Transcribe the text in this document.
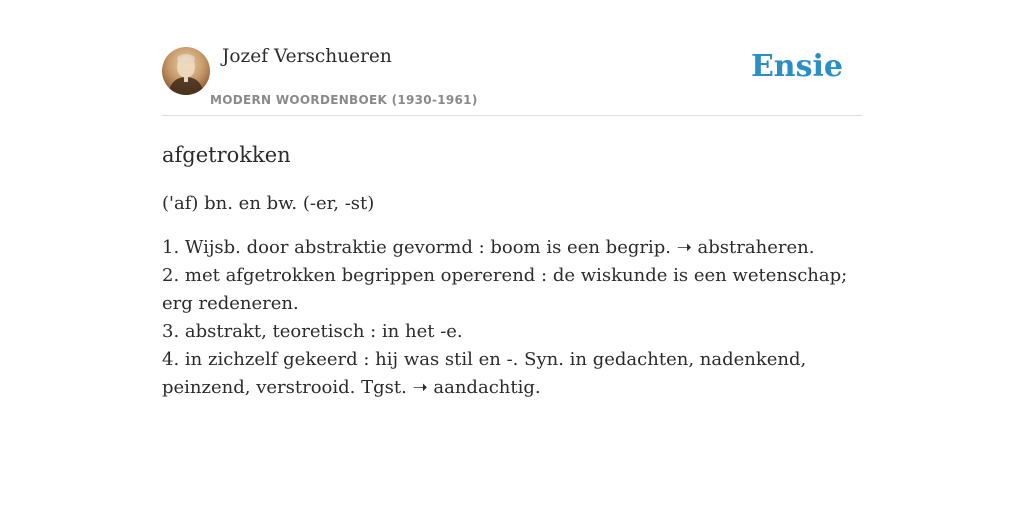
Jozef Verschueren
MODERN WOORDENBOEK (1930-1961)
Ensie
afgetrokken

('af) bn. en bw. (-er, -st)

1. Wijsb. door abstraktie gevormd : boom is een begrip. ➝ abstraheren.
2. met afgetrokken begrippen opererend : de wiskunde is een wetenschap; erg redeneren.
3. abstrakt, teoretisch : in het -e.
4. in zichzelf gekeerd : hij was stil en -. Syn. in gedachten, nadenkend, peinzend, verstrooid. Tgst. ➝ aandachtig.
